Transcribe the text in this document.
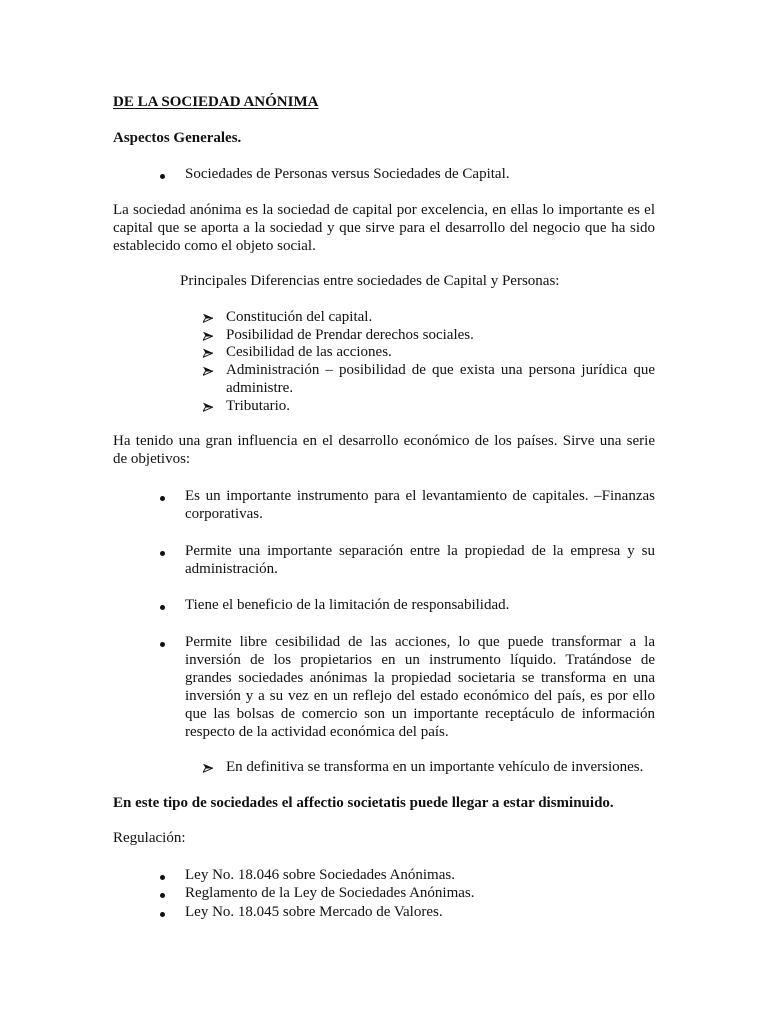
DE LA SOCIEDAD ANÓNIMA
Aspectos Generales.
Sociedades de Personas versus Sociedades de Capital.
La sociedad anónima es la sociedad de capital por excelencia, en ellas lo importante es el
capital que se aporta a la sociedad y que sirve para el desarrollo del negocio que ha sido
establecido como el objeto social.
Principales Diferencias entre sociedades de Capital y Personas:
Constitución del capital.
Posibilidad de Prendar derechos sociales.
Cesibilidad de las acciones.
Administración – posibilidad de que exista una persona jurídica que
administre.
Tributario.
Ha tenido una gran influencia en el desarrollo económico de los países. Sirve una serie
de objetivos:
Es un importante instrumento para el levantamiento de capitales. –Finanzas
corporativas.
Permite una importante separación entre la propiedad de la empresa y su
administración.
Tiene el beneficio de la limitación de responsabilidad.
Permite libre cesibilidad de las acciones, lo que puede transformar a la
inversión de los propietarios en un instrumento líquido. Tratándose de
grandes sociedades anónimas la propiedad societaria se transforma en una
inversión y a su vez en un reflejo del estado económico del país, es por ello
que las bolsas de comercio son un importante receptáculo de información
respecto de la actividad económica del país.
En definitiva se transforma en un importante vehículo de inversiones.
En este tipo de sociedades el affectio societatis puede llegar a estar disminuido.
Regulación:
Ley No. 18.046 sobre Sociedades Anónimas.
Reglamento de la Ley de Sociedades Anónimas.
Ley No. 18.045 sobre Mercado de Valores.
